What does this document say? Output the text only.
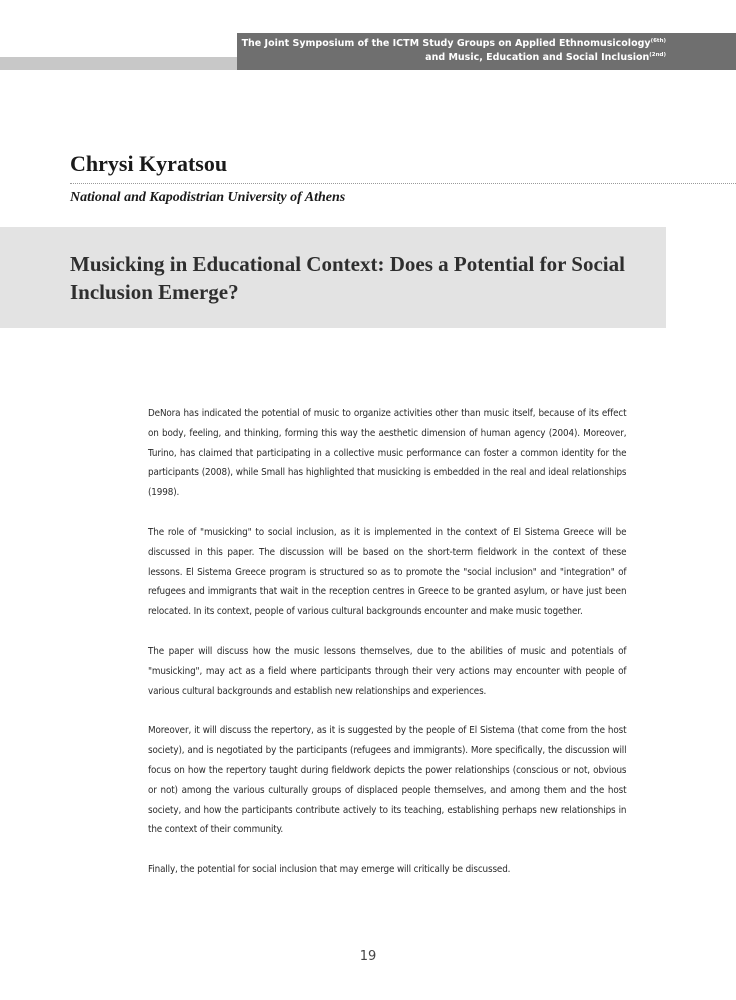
The Joint Symposium of the ICTM Study Groups on Applied Ethnomusicology$^{(6th)}$
and Music, Education and Social Inclusion$^{(2nd)}$
Chrysi Kyratsou

National and Kapodistrian University of Athens

Musicking in Educational Context: Does a Potential for Social Inclusion Emerge?

DeNora has indicated the potential of music to organize activities other than music itself, because of its effect on body, feeling, and thinking, forming this way the aesthetic dimension of human agency (2004). Moreover, Turino, has claimed that participating in a collective music performance can foster a common identity for the participants (2008), while Small has highlighted that musicking is embedded in the real and ideal relationships (1998).

The role of "musicking" to social inclusion, as it is implemented in the context of El Sistema Greece will be discussed in this paper. The discussion will be based on the short-term fieldwork in the context of these lessons. El Sistema Greece program is structured so as to promote the "social inclusion" and "integration" of refugees and immigrants that wait in the reception centres in Greece to be granted asylum, or have just been relocated. In its context, people of various cultural backgrounds encounter and make music together.

The paper will discuss how the music lessons themselves, due to the abilities of music and potentials of "musicking", may act as a field where participants through their very actions may encounter with people of various cultural backgrounds and establish new relationships and experiences.

Moreover, it will discuss the repertory, as it is suggested by the people of El Sistema (that come from the host society), and is negotiated by the participants (refugees and immigrants). More specifically, the discussion will focus on how the repertory taught during fieldwork depicts the power relationships (conscious or not, obvious or not) among the various culturally groups of displaced people themselves, and among them and the host society, and how the participants contribute actively to its teaching, establishing perhaps new relationships in the context of their community.

Finally, the potential for social inclusion that may emerge will critically be discussed.

19
